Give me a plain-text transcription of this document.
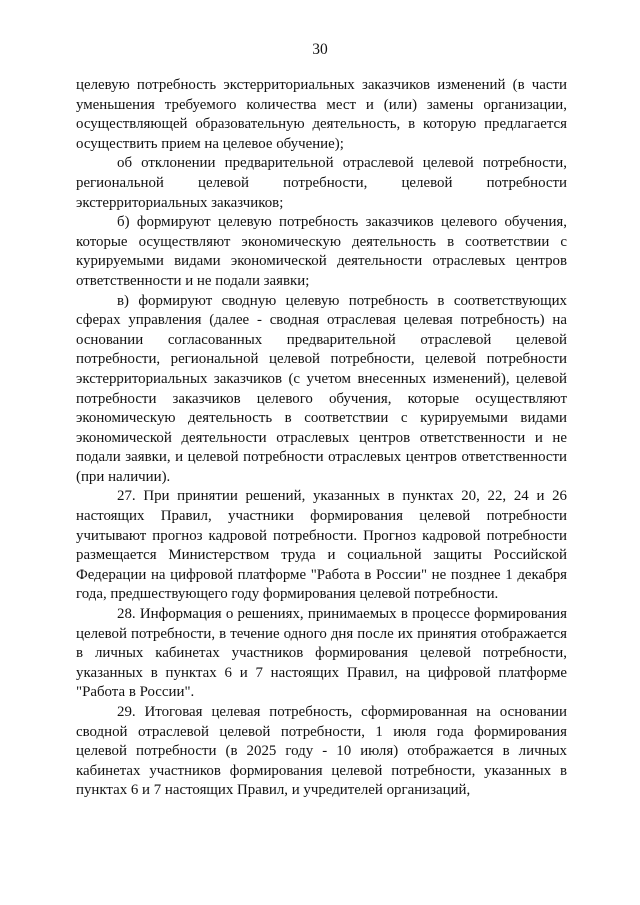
30

целевую потребность экстерриториальных заказчиков изменений (в части уменьшения требуемого количества мест и (или) замены организации, осуществляющей образовательную деятельность, в которую предлагается осуществить прием на целевое обучение);

об отклонении предварительной отраслевой целевой потребности, региональной целевой потребности, целевой потребности экстерриториальных заказчиков;

б) формируют целевую потребность заказчиков целевого обучения, которые осуществляют экономическую деятельность в соответствии с курируемыми видами экономической деятельности отраслевых центров ответственности и не подали заявки;

в) формируют сводную целевую потребность в соответствующих сферах управления (далее - сводная отраслевая целевая потребность) на основании согласованных предварительной отраслевой целевой потребности, региональной целевой потребности, целевой потребности экстерриториальных заказчиков (с учетом внесенных изменений), целевой потребности заказчиков целевого обучения, которые осуществляют экономическую деятельность в соответствии с курируемыми видами экономической деятельности отраслевых центров ответственности и не подали заявки, и целевой потребности отраслевых центров ответственности (при наличии).

27. При принятии решений, указанных в пунктах 20, 22, 24 и 26 настоящих Правил, участники формирования целевой потребности учитывают прогноз кадровой потребности. Прогноз кадровой потребности размещается Министерством труда и социальной защиты Российской Федерации на цифровой платформе "Работа в России" не позднее 1 декабря года, предшествующего году формирования целевой потребности.

28. Информация о решениях, принимаемых в процессе формирования целевой потребности, в течение одного дня после их принятия отображается в личных кабинетах участников формирования целевой потребности, указанных в пунктах 6 и 7 настоящих Правил, на цифровой платформе "Работа в России".

29. Итоговая целевая потребность, сформированная на основании сводной отраслевой целевой потребности, 1 июля года формирования целевой потребности (в 2025 году - 10 июля) отображается в личных кабинетах участников формирования целевой потребности, указанных в пунктах 6 и 7 настоящих Правил, и учредителей организаций,
